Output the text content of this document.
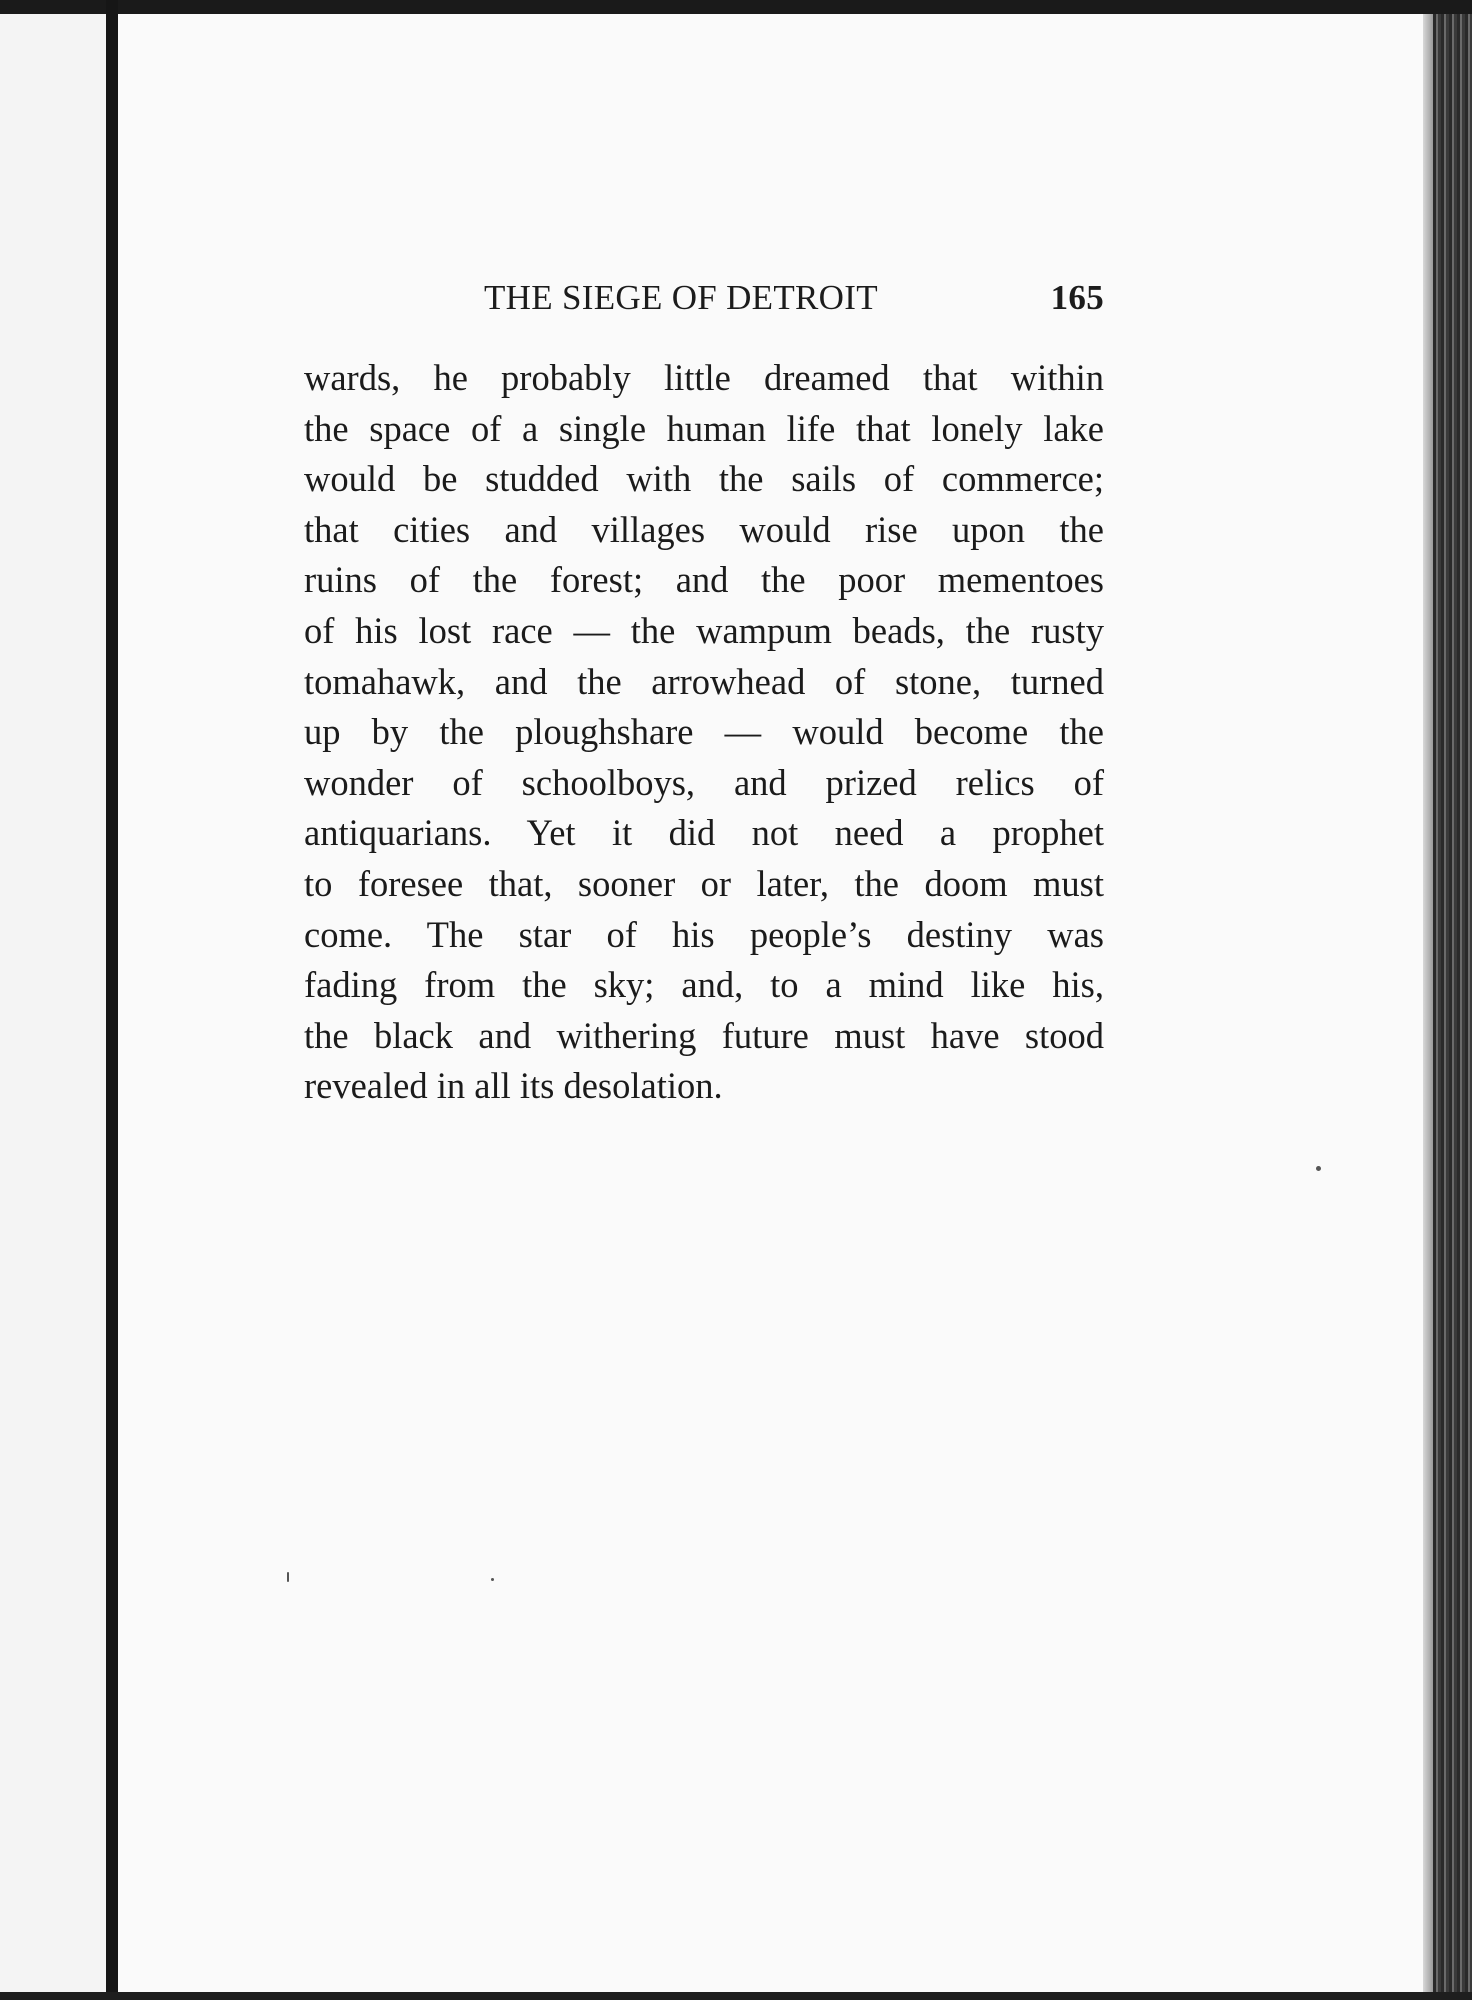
THE SIEGE OF DETROIT	165
wards, he probably little dreamed that within
the space of a single human life that lonely lake
would be studded with the sails of commerce;
that cities and villages would rise upon the
ruins of the forest; and the poor mementoes
of his lost race — the wampum beads, the rusty
tomahawk, and the arrowhead of stone, turned
up by the ploughshare — would become the
wonder of schoolboys, and prized relics of
antiquarians. Yet it did not need a prophet
to foresee that, sooner or later, the doom must
come. The star of his people’s destiny was
fading from the sky; and, to a mind like his,
the black and withering future must have stood
revealed in all its desolation.
